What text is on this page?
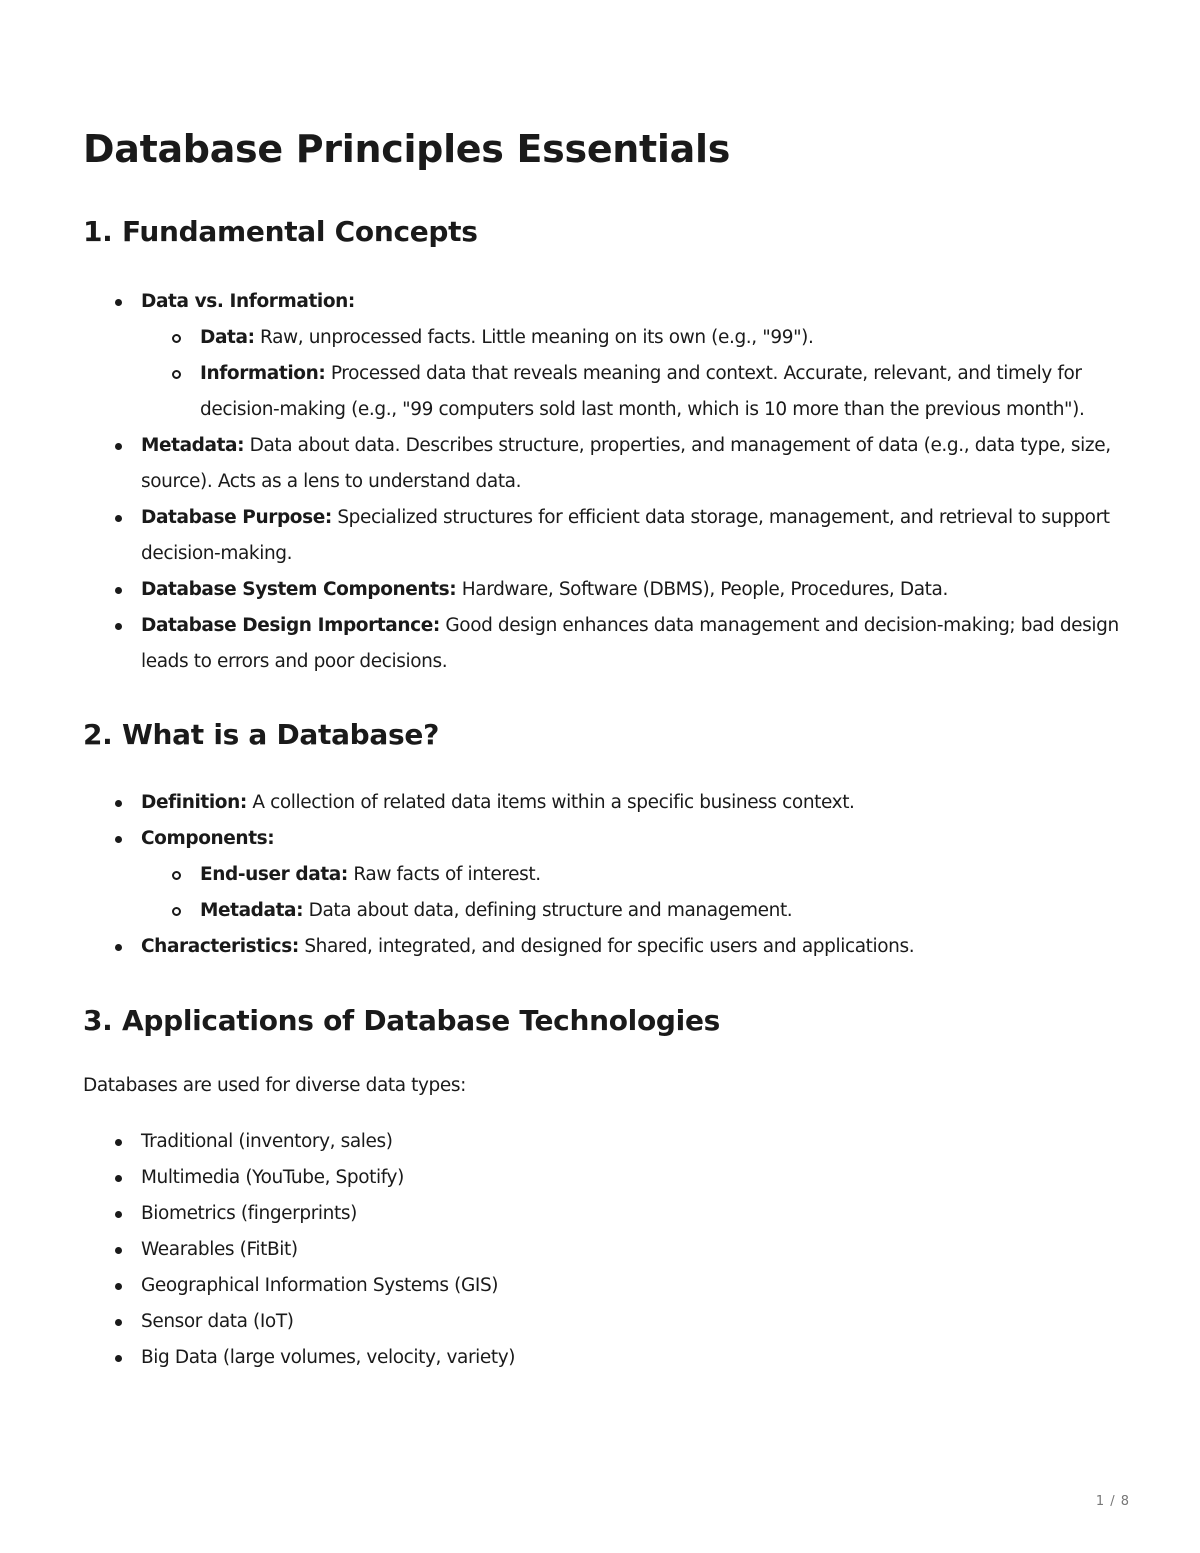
Database Principles Essentials
1. Fundamental Concepts
Data vs. Information:
Data: Raw, unprocessed facts. Little meaning on its own (e.g., "99").
Information: Processed data that reveals meaning and context. Accurate, relevant, and timely for decision-making (e.g., "99 computers sold last month, which is 10 more than the previous month").
Metadata: Data about data. Describes structure, properties, and management of data (e.g., data type, size, source). Acts as a lens to understand data.
Database Purpose: Specialized structures for efficient data storage, management, and retrieval to support decision-making.
Database System Components: Hardware, Software (DBMS), People, Procedures, Data.
Database Design Importance: Good design enhances data management and decision-making; bad design leads to errors and poor decisions.
2. What is a Database?
Definition: A collection of related data items within a specific business context.
Components:
End-user data: Raw facts of interest.
Metadata: Data about data, defining structure and management.
Characteristics: Shared, integrated, and designed for specific users and applications.
3. Applications of Database Technologies

Databases are used for diverse data types:

Traditional (inventory, sales)
Multimedia (YouTube, Spotify)
Biometrics (fingerprints)
Wearables (FitBit)
Geographical Information Systems (GIS)
Sensor data (IoT)
Big Data (large volumes, velocity, variety)
1 / 8
